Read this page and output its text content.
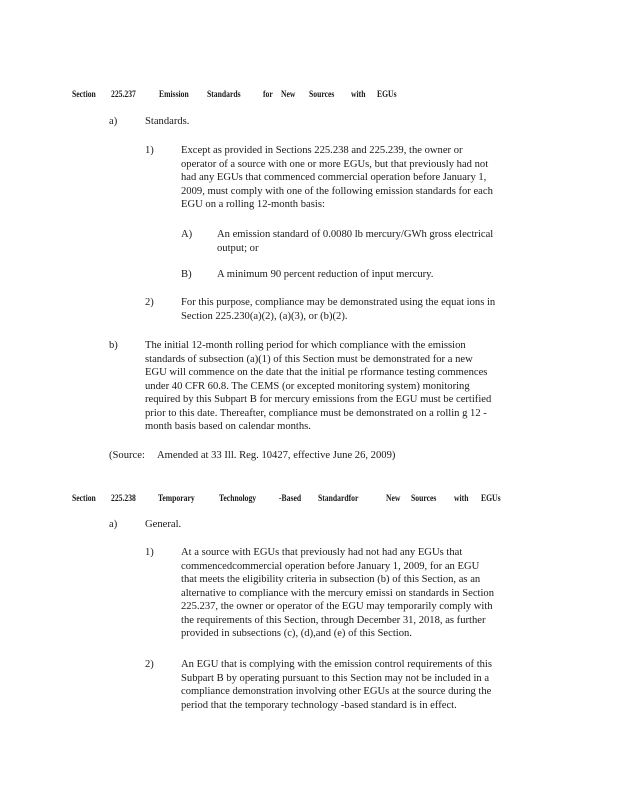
Section 225.237	Emission Standards for New Sources with EGUs
a)	Standards.
1)	Except as provided in Sections 225.238 and 225.239, the owner or
operator of a source with one or more EGUs, but that previously had not
had any EGUs that commenced commercial operation before January 1,
2009, must comply with one of the following emission standards for each
EGU on a rolling 12-month basis:
A) An emission standard of 0.0080 lb mercury/GWh gross electrical
output; or
B) A minimum 90 percent reduction of input mercury.
2)	For this purpose, compliance may be demonstrated using the equat ions in
Section 225.230(a)(2), (a)(3), or (b)(2).
b)	The initial 12-month rolling period for which compliance with the emission
standards of subsection (a)(1) of this Section must be demonstrated for a new
EGU will commence on the date that the initial pe rformance testing commences
under 40 CFR 60.8. The CEMS (or excepted monitoring system) monitoring
required by this Subpart B for mercury emissions from the EGU must be certified
prior to this date. Thereafter, compliance must be demonstrated on a rollin g 12 -
month basis based on calendar months.
(Source: Amended at 33 Ill. Reg. 10427, effective June 26, 2009)
Section 225.238 Temporary	Technology	-Based Standardfor	New Sources with EGUs
a)	General.
1)	At a source with EGUs that previously had not had any EGUs that
commencedcommercial operation before January 1, 2009, for an EGU
that meets the eligibility criteria in subsection (b) of this Section, as an
alternative to compliance with the mercury emissi on standards in Section
225.237, the owner or operator of the EGU may temporarily comply with
the requirements of this Section, through December 31, 2018, as further
provided in subsections (c), (d),and (e) of this Section.
2)	An EGU that is complying with the emission control requirements of this
Subpart B by operating pursuant to this Section may not be included in a
compliance demonstration involving other EGUs at the source during the
period that the temporary technology -based standard is in effect.
